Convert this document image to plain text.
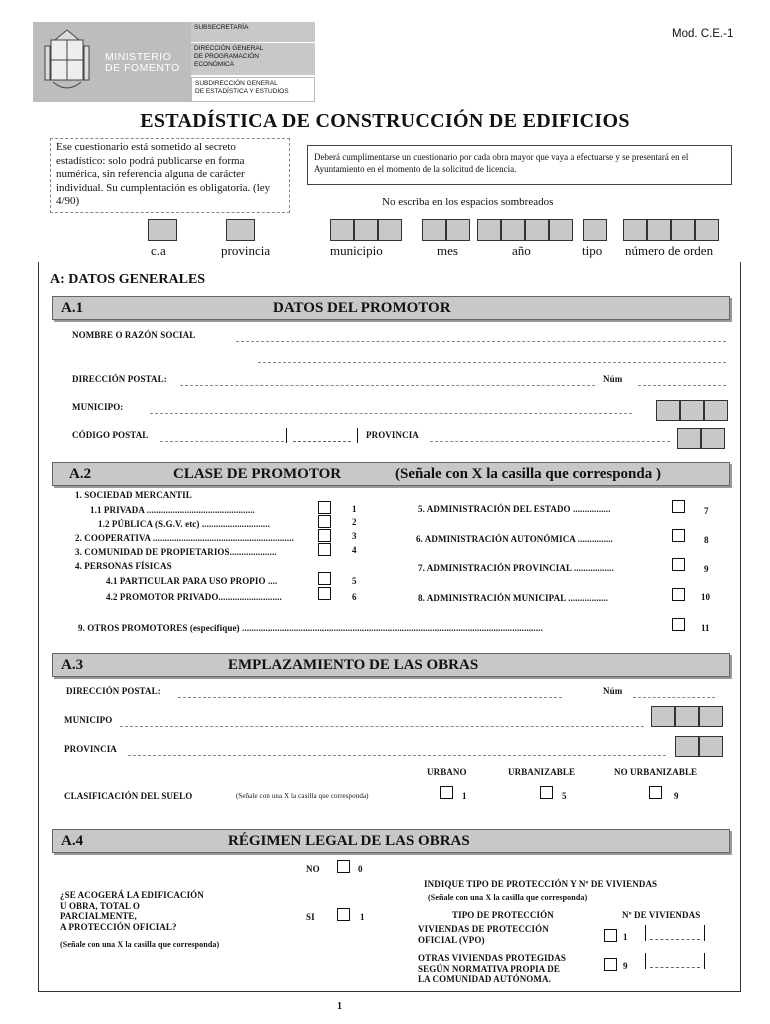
MINISTERIO
DE FOMENTO
SUBSECRETARÍA
DIRECCIÓN GENERAL
DE PROGRAMACIÓN
ECONÓMICA
SUBDIRECCIÓN GENERAL
DE ESTADÍSTICA Y ESTUDIOS
Mod. C.E.-1
ESTADÍSTICA DE CONSTRUCCIÓN DE EDIFICIOS
Ese cuestionario está sometido al secreto estadístico: solo podrá publicarse en forma numérica, sin referencia alguna de carácter individual. Su cumplentación es obligatoria. (ley 4/90)
Deberá cumplimentarse un cuestionario por cada obra mayor que vaya a efectuarse y se presentará en el Ayuntamiento en el momento de la solicitud de licencia.
No escriba en los espacios sombreados
c.a	provincia	municipio	mes	año	tipo número de orden
A: DATOS GENERALES
A.1	DATOS DEL PROMOTOR
NOMBRE O RAZÓN SOCIAL
DIRECCIÓN POSTAL:	Núm
MUNICIPO:
CÓDIGO POSTAL	PROVINCIA
A.2	CLASE DE PROMOTOR	(Señale con X la casilla que corresponda )
1. SOCIEDAD MERCANTIL
1.1 PRIVADA ..............................................	1
1.2 PÚBLICA (S.G.V. etc) .............................	2
2. COOPERATIVA ............................................................	3
3. COMUNIDAD DE PROPIETARIOS....................	4
4. PERSONAS FÍSICAS
4.1 PARTICULAR PARA USO PROPIO ....	5
4.2 PROMOTOR PRIVADO...........................	6
5. ADMINISTRACIÓN DEL ESTADO ................	7
6. ADMINISTRACIÓN AUTONÓMICA ...............	8
7. ADMINISTRACIÓN PROVINCIAL .................	9
8. ADMINISTRACIÓN MUNICIPAL .................	10
9. OTROS PROMOTORES (especifique) ................................................................................................................................	11
A.3	EMPLAZAMIENTO DE LAS OBRAS
DIRECCIÓN POSTAL:	Núm
MUNICIPO
PROVINCIA
URBANO	URBANIZABLE	NO URBANIZABLE
CLASIFICACIÓN DEL SUELO	(Señale con una X la casilla que corresponda)	1	5	9
A.4	RÉGIMEN LEGAL DE LAS OBRAS
NO	0
¿SE ACOGERÁ LA EDIFICACIÓN
U OBRA, TOTAL O
PARCIALMENTE,
A PROTECCIÓN OFICIAL?
(Señale con una X la casilla que corresponda)
SI	1
INDIQUE TIPO DE PROTECCIÓN Y Nº DE VIVIENDAS
(Señale con una X la casilla que corresponda)
TIPO DE PROTECCIÓN	Nº DE VIVIENDAS
VIVIENDAS DE PROTECCIÓN
OFICIAL (VPO)	1
OTRAS VIVIENDAS PROTEGIDAS
SEGÚN NORMATIVA PROPIA DE
LA COMUNIDAD AUTÓNOMA.
9
1
